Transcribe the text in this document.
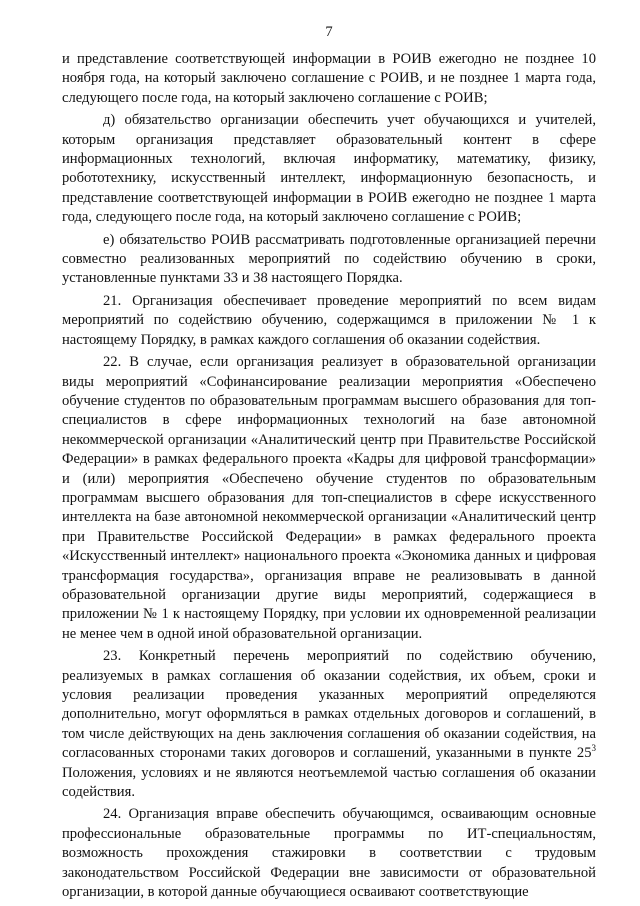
7

и представление соответствующей информации в РОИВ ежегодно не позднее 10 ноября года, на который заключено соглашение с РОИВ, и не позднее 1 марта года, следующего после года, на который заключено соглашение с РОИВ;

д) обязательство организации обеспечить учет обучающихся и учителей, которым организация представляет образовательный контент в сфере информационных технологий, включая информатику, математику, физику, робототехнику, искусственный интеллект, информационную безопасность, и представление соответствующей информации в РОИВ ежегодно не позднее 1 марта года, следующего после года, на который заключено соглашение с РОИВ;

е) обязательство РОИВ рассматривать подготовленные организацией перечни совместно реализованных мероприятий по содействию обучению в сроки, установленные пунктами 33 и 38 настоящего Порядка.

21. Организация обеспечивает проведение мероприятий по всем видам мероприятий по содействию обучению, содержащимся в приложении № 1 к настоящему Порядку, в рамках каждого соглашения об оказании содействия.

22. В случае, если организация реализует в образовательной организации виды мероприятий «Софинансирование реализации мероприятия «Обеспечено обучение студентов по образовательным программам высшего образования для топ-специалистов в сфере информационных технологий на базе автономной некоммерческой организации «Аналитический центр при Правительстве Российской Федерации» в рамках федерального проекта «Кадры для цифровой трансформации» и (или) мероприятия «Обеспечено обучение студентов по образовательным программам высшего образования для топ-специалистов в сфере искусственного интеллекта на базе автономной некоммерческой организации «Аналитический центр при Правительстве Российской Федерации» в рамках федерального проекта «Искусственный интеллект» национального проекта «Экономика данных и цифровая трансформация государства», организация вправе не реализовывать в данной образовательной организации другие виды мероприятий, содержащиеся в приложении № 1 к настоящему Порядку, при условии их одновременной реализации не менее чем в одной иной образовательной организации.

23. Конкретный перечень мероприятий по содействию обучению, реализуемых в рамках соглашения об оказании содействия, их объем, сроки и условия реализации проведения указанных мероприятий определяются дополнительно, могут оформляться в рамках отдельных договоров и соглашений, в том числе действующих на день заключения соглашения об оказании содействия, на согласованных сторонами таких договоров и соглашений, указанными в пункте $25^3$ Положения, условиях и не являются неотъемлемой частью соглашения об оказании содействия.

24. Организация вправе обеспечить обучающимся, осваивающим основные профессиональные образовательные программы по ИТ-специальностям, возможность прохождения стажировки в соответствии с трудовым законодательством Российской Федерации вне зависимости от образовательной организации, в которой данные обучающиеся осваивают соответствующие
